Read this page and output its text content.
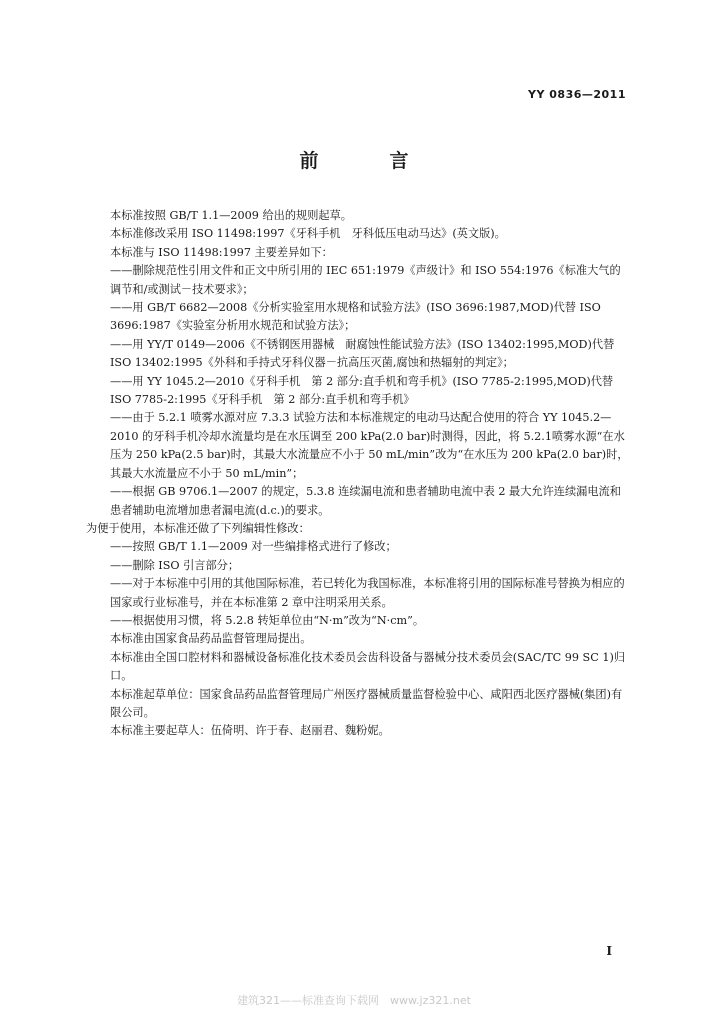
YY 0836—2011
前　言

本标准按照 GB/T 1.1—2009 给出的规则起草。

本标准修改采用 ISO 11498:1997《牙科手机　牙科低压电动马达》(英文版)。

本标准与 ISO 11498:1997 主要差异如下：

——删除规范性引用文件和正文中所引用的 IEC 651:1979《声级计》和 ISO 554:1976《标准大气的调节和/或测试－技术要求》；

——用 GB/T 6682—2008《分析实验室用水规格和试验方法》(ISO 3696:1987,MOD)代替 ISO 3696:1987《实验室分析用水规范和试验方法》；

——用 YY/T 0149—2006《不锈钢医用器械　耐腐蚀性能试验方法》(ISO 13402:1995,MOD)代替 ISO 13402:1995《外科和手持式牙科仪器－抗高压灭菌,腐蚀和热辐射的判定》；

——用 YY 1045.2—2010《牙科手机　第 2 部分:直手机和弯手机》(ISO 7785-2:1995,MOD)代替 ISO 7785-2:1995《牙科手机　第 2 部分:直手机和弯手机》

——由于 5.2.1 喷雾水源对应 7.3.3 试验方法和本标准规定的电动马达配合使用的符合 YY 1045.2—2010 的牙科手机冷却水流量均是在水压调至 200 kPa(2.0 bar)时测得，因此，将 5.2.1喷雾水源“在水压为 250 kPa(2.5 bar)时，其最大水流量应不小于 50 mL/min”改为“在水压为 200 kPa(2.0 bar)时，其最大水流量应不小于 50 mL/min”；

——根据 GB 9706.1—2007 的规定，5.3.8 连续漏电流和患者辅助电流中表 2 最大允许连续漏电流和患者辅助电流增加患者漏电流(d.c.)的要求。

为便于使用，本标准还做了下列编辑性修改：

——按照 GB/T 1.1—2009 对一些编排格式进行了修改；

——删除 ISO 引言部分；

——对于本标准中引用的其他国际标准，若已转化为我国标准，本标准将引用的国际标准号替换为相应的国家或行业标准号，并在本标准第 2 章中注明采用关系。

——根据使用习惯，将 5.2.8 转矩单位由“N·m”改为“N·cm”。

本标准由国家食品药品监督管理局提出。

本标准由全国口腔材料和器械设备标准化技术委员会齿科设备与器械分技术委员会(SAC/TC 99 SC 1)归口。

本标准起草单位：国家食品药品监督管理局广州医疗器械质量监督检验中心、咸阳西北医疗器械(集团)有限公司。

本标准主要起草人：伍倚明、许于春、赵丽君、魏粉妮。

I
建筑321——标准查询下载网　www.jz321.net
